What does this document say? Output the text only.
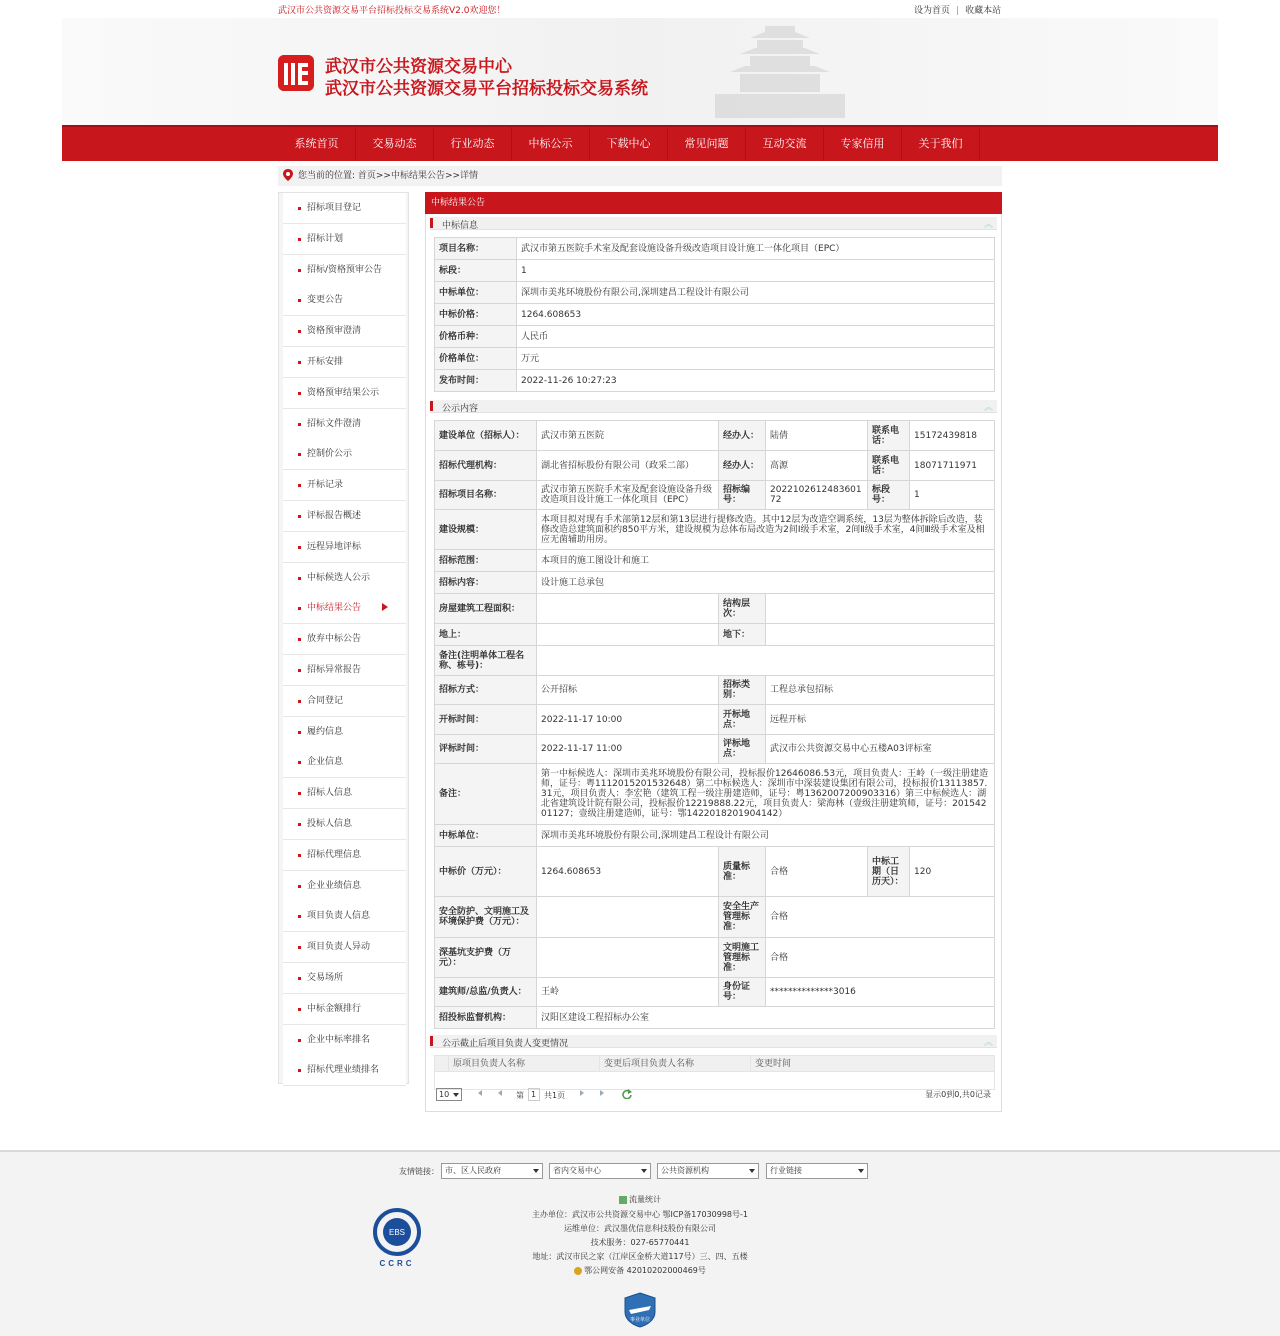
武汉市公共资源交易平台招标投标交易系统V2.0欢迎您！	设为首页 | 收藏本站
武汉市公共资源交易中心
武汉市公共资源交易平台招标投标交易系统
系统首页	交易动态	行业动态	中标公示	下载中心	常见问题	互动交流	专家信用	关于我们
您当前的位置: 首页>>中标结果公告>>详情
招标项目登记
招标计划
招标/资格预审公告
变更公告
资格预审澄清
开标安排
资格预审结果公示
招标文件澄清
控制价公示
开标记录
评标报告概述
远程异地评标
中标候选人公示
中标结果公告
放弃中标公告
招标异常报告
合同登记
履约信息
企业信息
招标人信息
投标人信息
招标代理信息
企业业绩信息
项目负责人信息
项目负责人异动
交易场所
中标金额排行
企业中标率排名
招标代理业绩排名
中标结果公告
中标信息	︽
项目名称：	武汉市第五医院手术室及配套设施设备升级改造项目设计施工一体化项目（EPC）
标段：	1
中标单位：	深圳市美兆环境股份有限公司,深圳建昌工程设计有限公司
中标价格：	1264.608653
价格币种：	人民币
价格单位：	万元
发布时间：	2022-11-26 10:27:23
公示内容	︽
建设单位（招标人）：	武汉市第五医院	经办人：	陆倩	联系电话：	15172439818
招标代理机构：	湖北省招标股份有限公司（政采二部）	经办人：	高源	联系电话：	18071711971
招标项目名称：	武汉市第五医院手术室及配套设施设备升级改造项目设计施工一体化项目（EPC）	招标编号：	202210261248360172	标段号：	1
建设规模：	本项目拟对现有手术部第12层和第13层进行提修改造。其中12层为改造空调系统，13层为整体拆除后改造，装修改造总建筑面积约850平方米，建设规模为总体布局改造为2间Ⅰ级手术室，2间Ⅱ级手术室，4间Ⅲ级手术室及相应无菌辅助用房。				
招标范围：	本项目的施工图设计和施工				
招标内容：	设计施工总承包				
房屋建筑工程面积：		结构层次：			
地上：		地下：			
备注(注明单体工程名称、栋号)：					
招标方式：	公开招标	招标类别：	工程总承包招标		
开标时间：	2022-11-17 10:00	开标地点：	远程开标		
评标时间：	2022-11-17 11:00	评标地点：	武汉市公共资源交易中心五楼A03评标室		
备注：	第一中标候选人：深圳市美兆环境股份有限公司，投标报价12646086.53元，项目负责人：王岭（一级注册建造师，证号：粤1112015201532648）第二中标候选人：深圳市中深装建设集团有限公司，投标报价13113857.31元，项目负责人：李宏艳（建筑工程一级注册建造师，证号：粤1362007200903316）第三中标候选人：湖北省建筑设计院有限公司，投标报价12219888.22元，项目负责人：梁海林（壹级注册建筑师，证号：20154201127；壹级注册建造师，证号：鄂1422018201904142）				
中标单位：	深圳市美兆环境股份有限公司,深圳建昌工程设计有限公司				
中标价（万元）：	1264.608653	质量标准：	合格	中标工期（日历天）：	120
安全防护、文明施工及环境保护费（万元）：		安全生产管理标准：	合格		
深基坑支护费（万元）：		文明施工管理标准：	合格		
建筑师/总监/负责人：	王岭	身份证号：	**************3016		
招投标监督机构：	汉阳区建设工程招标办公室				
公示截止后项目负责人变更情况	︽
	原项目负责人名称	变更后项目负责人名称	变更时间

10	第 1 共1页	显示0到0,共0记录
友情链接： 市、区人民政府	省内交易中心	公共资源机构	行业链接
流量统计
主办单位：武汉市公共资源交易中心 鄂ICP备17030998号-1
运维单位：武汉墨优信息科技股份有限公司
技术服务：027-65770441
地址：武汉市民之家（江岸区金桥大道117号）三、四、五楼
鄂公网安备 42010202000469号
EBS
CCRC
事业单位
